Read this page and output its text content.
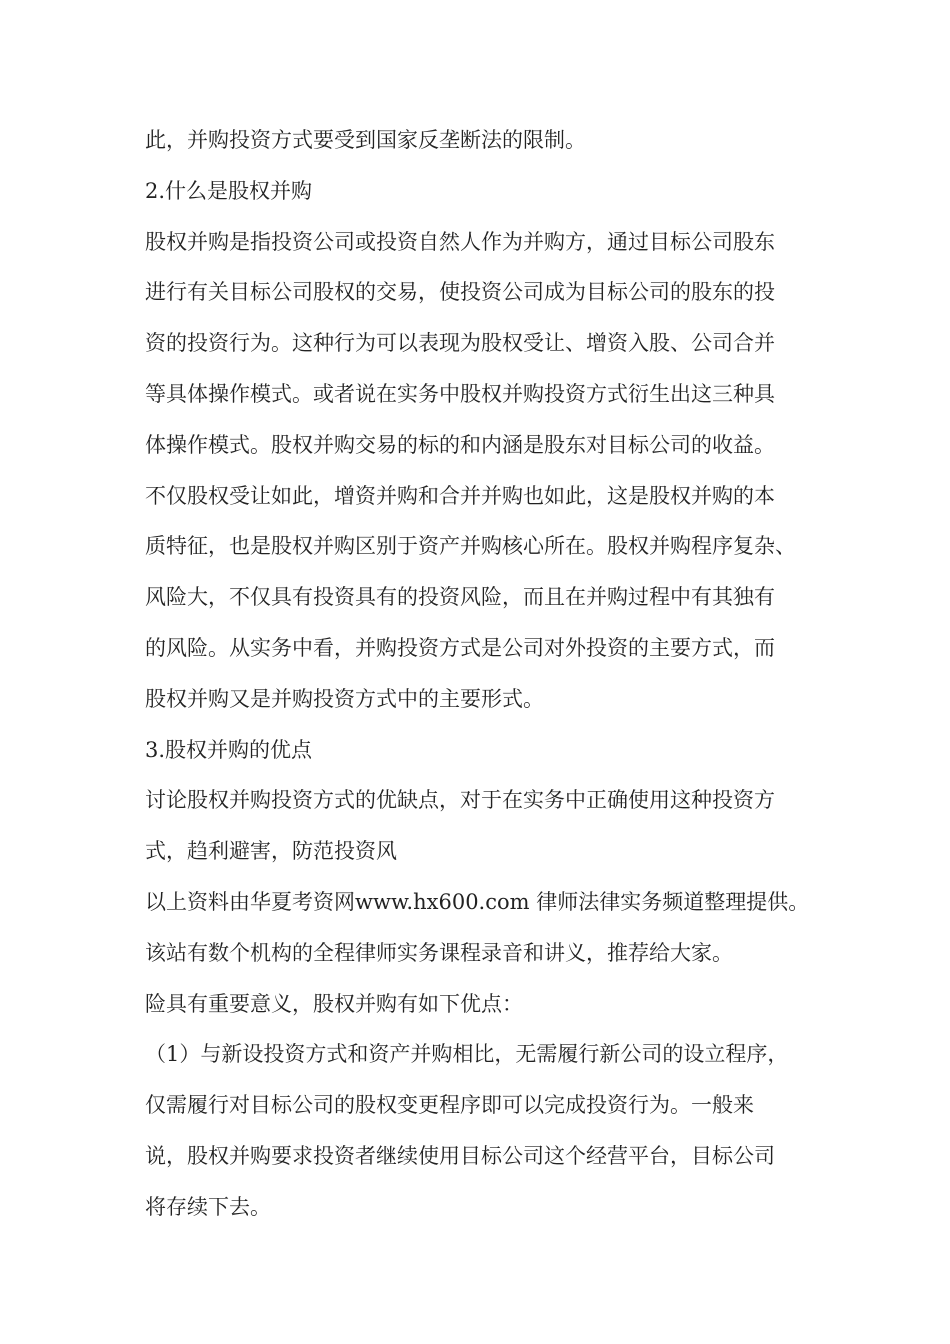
此，并购投资方式要受到国家反垄断法的限制。
2.什么是股权并购
股权并购是指投资公司或投资自然人作为并购方，通过目标公司股东
进行有关目标公司股权的交易，使投资公司成为目标公司的股东的投
资的投资行为。这种行为可以表现为股权受让、增资入股、公司合并
等具体操作模式。或者说在实务中股权并购投资方式衍生出这三种具
体操作模式。股权并购交易的标的和内涵是股东对目标公司的收益。
不仅股权受让如此，增资并购和合并并购也如此，这是股权并购的本
质特征，也是股权并购区别于资产并购核心所在。股权并购程序复杂、
风险大，不仅具有投资具有的投资风险，而且在并购过程中有其独有
的风险。从实务中看，并购投资方式是公司对外投资的主要方式，而
股权并购又是并购投资方式中的主要形式。
3.股权并购的优点
讨论股权并购投资方式的优缺点，对于在实务中正确使用这种投资方
式，趋利避害，防范投资风
以上资料由华夏考资网www.hx600.com 律师法律实务频道整理提供。
该站有数个机构的全程律师实务课程录音和讲义，推荐给大家。
险具有重要意义，股权并购有如下优点：
（1）与新设投资方式和资产并购相比，无需履行新公司的设立程序，
仅需履行对目标公司的股权变更程序即可以完成投资行为。一般来
说，股权并购要求投资者继续使用目标公司这个经营平台，目标公司
将存续下去。
